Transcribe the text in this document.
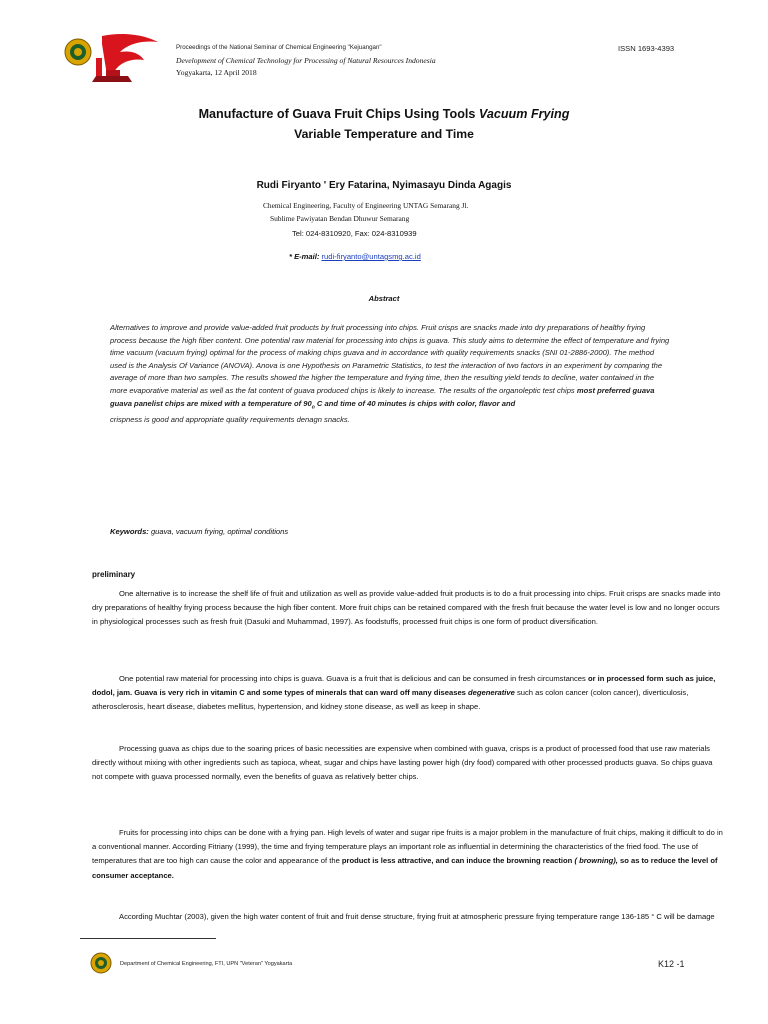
Proceedings of the National Seminar of Chemical Engineering "Kejuangan"
Development of Chemical Technology for Processing of Natural Resources Indonesia
Yogyakarta, 12 April 2018
ISSN 1693-4393
Manufacture of Guava Fruit Chips Using Tools Vacuum Frying
Variable Temperature and Time
Rudi Firyanto ' Ery Fatarina, Nyimasayu Dinda Agagis
Chemical Engineering, Faculty of Engineering UNTAG Semarang Jl.
Sublime Pawiyatan Bendan Dhuwur Semarang
Tel: 024-8310920, Fax: 024-8310939
* E-mail: rudi-firyanto@untagsmg.ac.id
Abstract
Alternatives to improve and provide value-added fruit products by fruit processing into chips. Fruit crisps are snacks made into dry preparations of healthy frying process because the high fiber content. One potential raw material for processing into chips is guava. This study aims to determine the effect of temperature and frying time vacuum (vacuum frying) optimal for the process of making chips guava and in accordance with quality requirements snacks (SNI 01-2886-2000). The method used is the Analysis Of Variance (ANOVA). Anova is one Hypothesis on Parametric Statistics, to test the interaction of two factors in an experiment by comparing the average of more than two samples. The results showed the higher the temperature and frying time, then the resulting yield tends to decline, water contained in the more evaporative material as well as the fat content of guava produced chips is likely to increase. The results of the organoleptic test chips most preferred guava guava panelist chips are mixed with a temperature of $90_o$ C and time of 40 minutes is chips with color, flavor and
crispness is good and appropriate quality requirements denagn snacks.
Keywords: guava, vacuum frying, optimal conditions
preliminary
One alternative is to increase the shelf life of fruit and utilization as well as provide value-added fruit products is to do a fruit processing into chips. Fruit crisps are snacks made into dry preparations of healthy frying process because the high fiber content. More fruit chips can be retained compared with the fresh fruit because the water level is low and no longer occurs in physiological processes such as fresh fruit (Dasuki and Muhammad, 1997). As foodstuffs, processed fruit chips is one form of product diversification.
One potential raw material for processing into chips is guava. Guava is a fruit that is delicious and can be consumed in fresh circumstances or in processed form such as juice, dodol, jam. Guava is very rich in vitamin C and some types of minerals that can ward off many diseases degenerative such as colon cancer (colon cancer), diverticulosis, atherosclerosis, heart disease, diabetes mellitus, hypertension, and kidney stone disease, as well as keep in shape.
Processing guava as chips due to the soaring prices of basic necessities are expensive when combined with guava, crisps is a product of processed food that use raw materials directly without mixing with other ingredients such as tapioca, wheat, sugar and chips have lasting power high (dry food) compared with other processed products guava. So chips guava not compete with guava processed normally, even the benefits of guava as relatively better chips.
Fruits for processing into chips can be done with a frying pan. High levels of water and sugar ripe fruits is a major problem in the manufacture of fruit chips, making it difficult to do in a conventional manner. According Fitriany (1999), the time and frying temperature plays an important role as influential in determining the characteristics of the fried food. The use of temperatures that are too high can cause the color and appearance of the product is less attractive, and can induce the browning reaction ( browning), so as to reduce the level of consumer acceptance.
According Muchtar (2003), given the high water content of fruit and fruit dense structure, frying fruit at atmospheric pressure frying temperature range 136-185 ° C will be damage
Department of Chemical Engineering, FTI, UPN "Veteran" Yogyakarta	K12 -1
